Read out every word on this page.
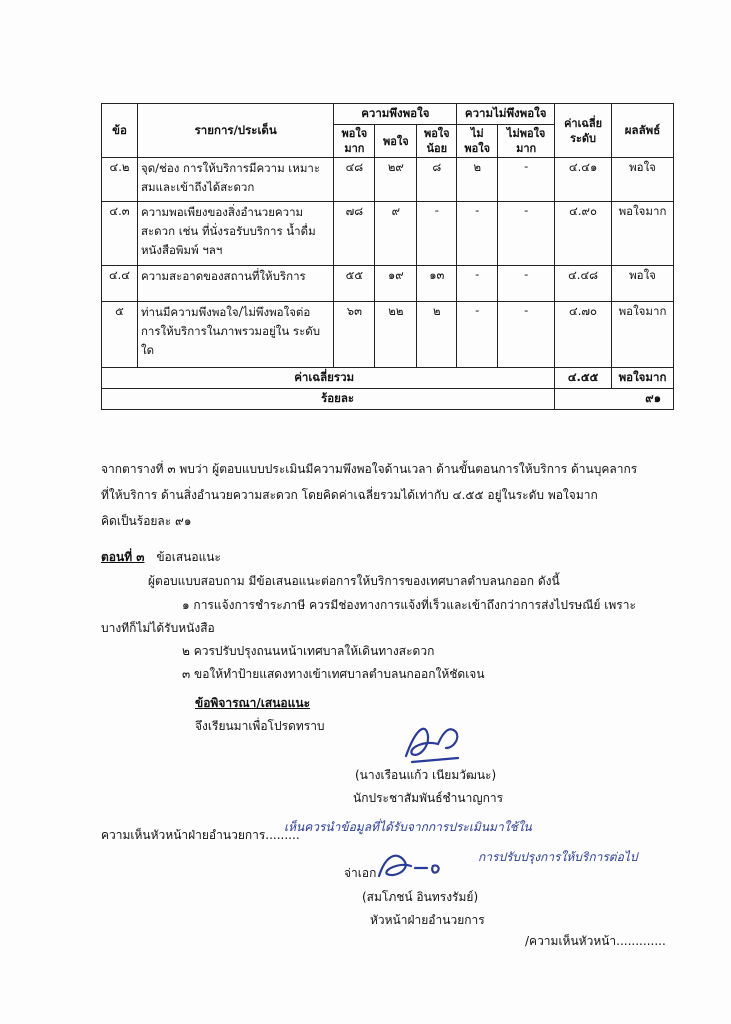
ข้อ	รายการ/ประเด็น	ความพึงพอใจ			ความไม่พึงพอใจ		ค่าเฉลี่ย ระดับ	ผลลัพธ์
		พอใจ มาก	พอใจ	พอใจ น้อย	ไม่ พอใจ	ไม่พอใจ มาก		
๔.๒	จุด/ช่อง การให้บริการมีความ เหมาะสมและเข้าถึงได้สะดวก	๔๘	๒๙	๘	๒	-	๔.๔๑	พอใจ
๔.๓	ความพอเพียงของสิ่งอำนวยความ สะดวก เช่น ที่นั่งรอรับบริการ น้ำดื่ม หนังสือพิมพ์ ฯลฯ	๗๘	๙	-	-	-	๔.๙๐	พอใจมาก
๔.๔	ความสะอาดของสถานที่ให้บริการ	๕๕	๑๙	๑๓	-	-	๔.๔๘	พอใจ
๕	ท่านมีความพึงพอใจ/ไม่พึงพอใจต่อ การให้บริการในภาพรวมอยู่ใน ระดับใด	๖๓	๒๒	๒	-	-	๔.๗๐	พอใจมาก
ค่าเฉลี่ยรวม							๔.๕๕	พอใจมาก
ร้อยละ							๙๑	
จากตารางที่ ๓ พบว่า ผู้ตอบแบบประเมินมีความพึงพอใจด้านเวลา ด้านขั้นตอนการให้บริการ ด้านบุคลากร
ที่ให้บริการ ด้านสิ่งอำนวยความสะดวก โดยคิดค่าเฉลี่ยรวมได้เท่ากับ ๔.๕๕ อยู่ในระดับ พอใจมาก
คิดเป็นร้อยละ ๙๑
ตอนที่ ๓ ข้อเสนอแนะ
ผู้ตอบแบบสอบถาม มีข้อเสนอแนะต่อการให้บริการของเทศบาลตำบลนกออก ดังนี้
๑ การแจ้งการชำระภาษี ควรมีช่องทางการแจ้งที่เร็วและเข้าถึงกว่าการส่งไปรษณีย์ เพราะ
บางทีก็ไม่ได้รับหนังสือ
๒ ควรปรับปรุงถนนหน้าเทศบาลให้เดินทางสะดวก
๓ ขอให้ทำป้ายแสดงทางเข้าเทศบาลตำบลนกออกให้ชัดเจน
ข้อพิจารณา/เสนอแนะ
จึงเรียนมาเพื่อโปรดทราบ
(นางเรือนแก้ว เนียมวัฒนะ)
นักประชาสัมพันธ์ชำนาญการ
ความเห็นหัวหน้าฝ่ายอำนวยการ.........
เห็นควรนำข้อมูลที่ได้รับจากการประเมินมาใช้ใน
การปรับปรุงการให้บริการต่อไป
จ่าเอก
(สมโภชน์ อินทรงรัมย์)
หัวหน้าฝ่ายอำนวยการ
/ความเห็นหัวหน้า.............
